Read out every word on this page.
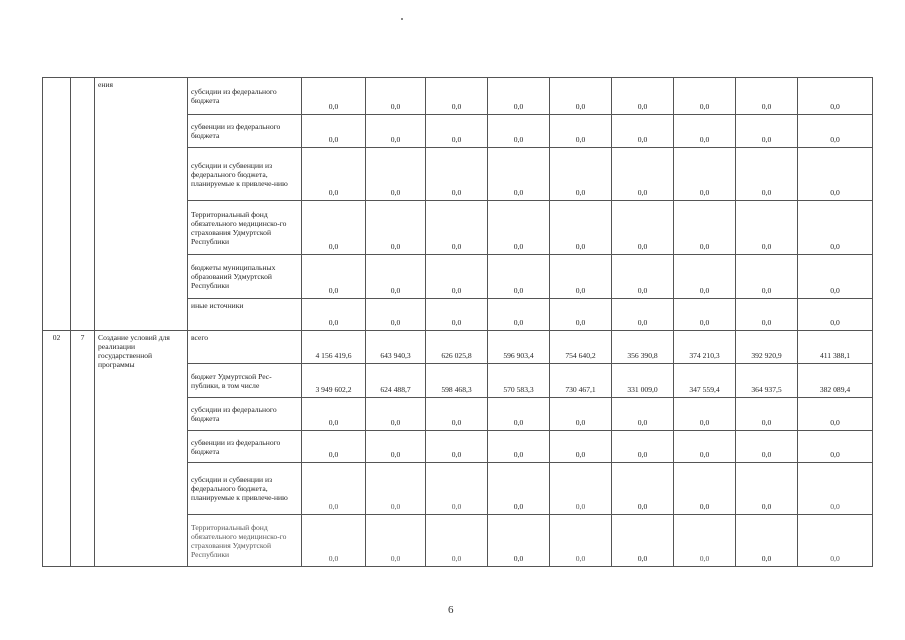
		ения	субсидии из федерального бюджета	0,0	0,0	0,0	0,0	0,0	0,0	0,0	0,0	0,0
			субвенции из федерального бюджета	0,0	0,0	0,0	0,0	0,0	0,0	0,0	0,0	0,0
			субсидии и субвенции из федерального бюджета, планируемые к привлече-нию	0,0	0,0	0,0	0,0	0,0	0,0	0,0	0,0	0,0
			Территориальный фонд обязательного медицинско-го страхования Удмуртской Республики	0,0	0,0	0,0	0,0	0,0	0,0	0,0	0,0	0,0
			бюджеты муниципальных образований Удмуртской Республики	0,0	0,0	0,0	0,0	0,0	0,0	0,0	0,0	0,0
			иные источники	0,0	0,0	0,0	0,0	0,0	0,0	0,0	0,0	0,0
02	7	Создание условий для реализации государственной программы	всего	4 156 419,6	643 940,3	626 025,8	596 903,4	754 640,2	356 390,8	374 210,3	392 920,9	411 388,1
			бюджет Удмуртской Рес-публики, в том числе	3 949 602,2	624 488,7	598 468,3	570 583,3	730 467,1	331 009,0	347 559,4	364 937,5	382 089,4
			субсидии из федерального бюджета	0,0	0,0	0,0	0,0	0,0	0,0	0,0	0,0	0,0
			субвенции из федерального бюджета	0,0	0,0	0,0	0,0	0,0	0,0	0,0	0,0	0,0
			субсидии и субвенции из федерального бюджета, планируемые к привлече-нию	0,0	0,0	0,0	0,0	0,0	0,0	0,0	0,0	0,0
			Территориальный фонд обязательного медицинско-го страхования Удмуртской Республики	0,0	0,0	0,0	0,0	0,0	0,0	0,0	0,0	0,0
6
